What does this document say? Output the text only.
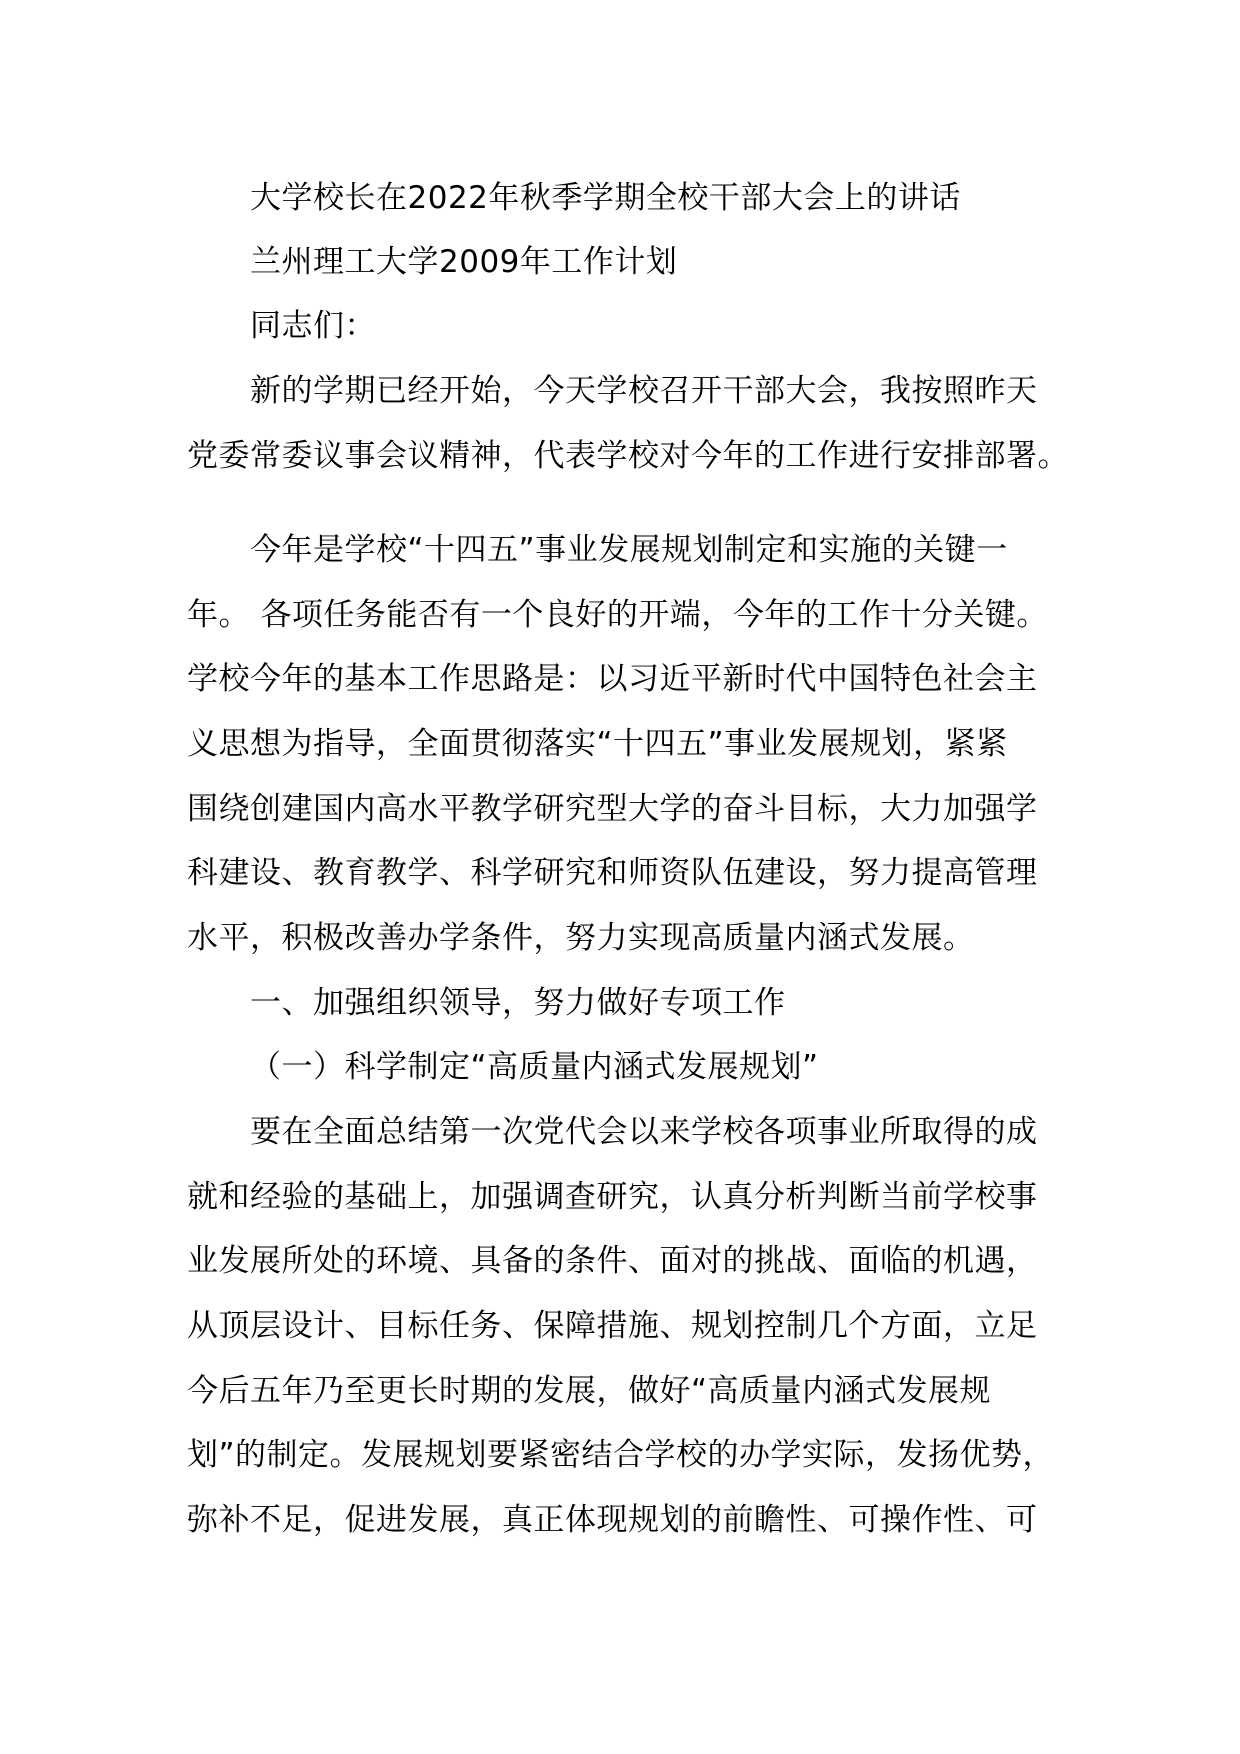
大学校长在2022年秋季学期全校干部大会上的讲话
兰州理工大学2009年工作计划
同志们：
新的学期已经开始，今天学校召开干部大会，我按照昨天
党委常委议事会议精神，代表学校对今年的工作进行安排部署。
今年是学校“十四五”事业发展规划制定和实施的关键一
年。 各项任务能否有一个良好的开端，今年的工作十分关键。
学校今年的基本工作思路是：以习近平新时代中国特色社会主
义思想为指导，全面贯彻落实“十四五”事业发展规划，紧紧
围绕创建国内高水平教学研究型大学的奋斗目标，大力加强学
科建设、教育教学、科学研究和师资队伍建设，努力提高管理
水平，积极改善办学条件，努力实现高质量内涵式发展。
一、加强组织领导，努力做好专项工作
（一）科学制定“高质量内涵式发展规划”
要在全面总结第一次党代会以来学校各项事业所取得的成
就和经验的基础上，加强调查研究，认真分析判断当前学校事
业发展所处的环境、具备的条件、面对的挑战、面临的机遇，
从顶层设计、目标任务、保障措施、规划控制几个方面，立足
今后五年乃至更长时期的发展，做好“高质量内涵式发展规
划”的制定。发展规划要紧密结合学校的办学实际，发扬优势，
弥补不足，促进发展，真正体现规划的前瞻性、可操作性、可
